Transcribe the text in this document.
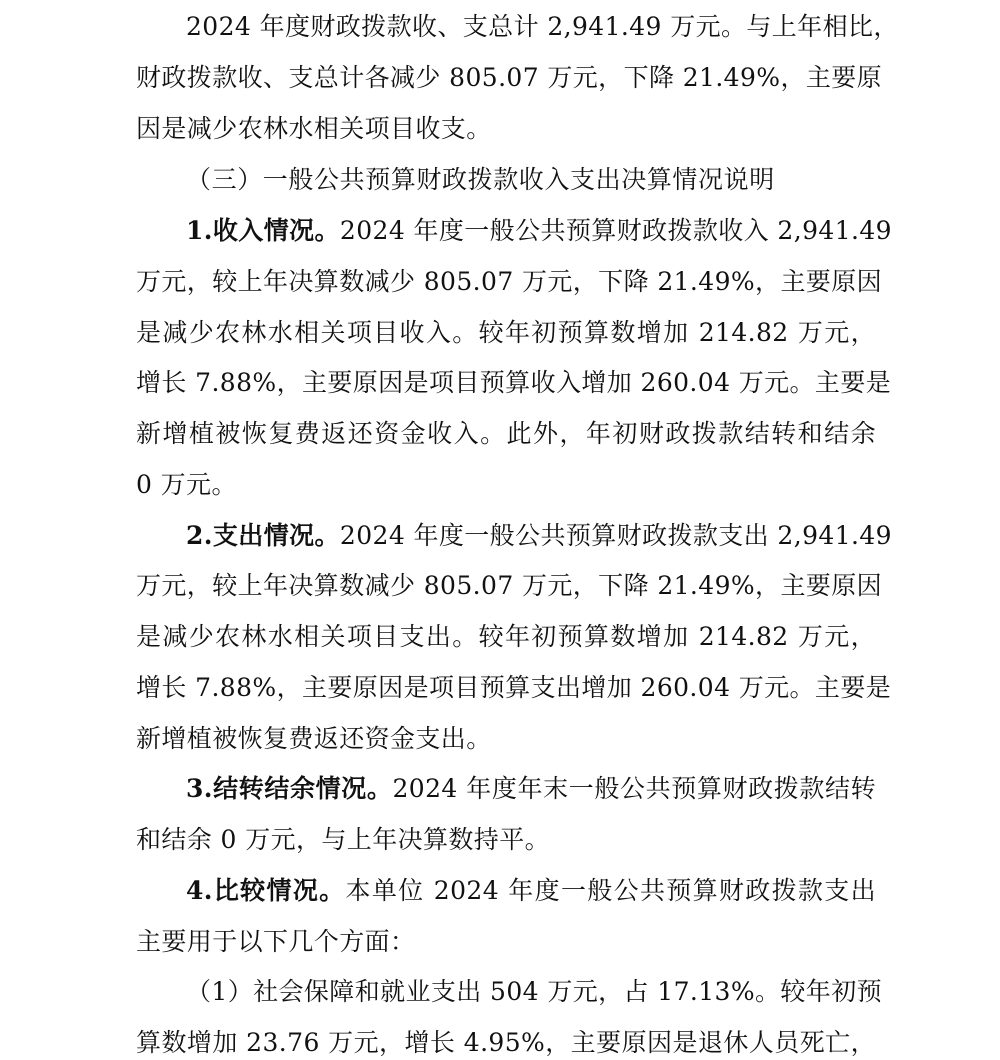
2024 年度财政拨款收、支总计 2,941.49 万元。与上年相比，
财政拨款收、支总计各减少 805.07 万元，下降 21.49%，主要原
因是减少农林水相关项目收支。
（三）一般公共预算财政拨款收入支出决算情况说明
1.收入情况。2024 年度一般公共预算财政拨款收入 2,941.49
万元，较上年决算数减少 805.07 万元，下降 21.49%，主要原因
是减少农林水相关项目收入。较年初预算数增加 214.82 万元，
增长 7.88%，主要原因是项目预算收入增加 260.04 万元。主要是
新增植被恢复费返还资金收入。此外，年初财政拨款结转和结余
0 万元。
2.支出情况。2024 年度一般公共预算财政拨款支出 2,941.49
万元，较上年决算数减少 805.07 万元，下降 21.49%，主要原因
是减少农林水相关项目支出。较年初预算数增加 214.82 万元，
增长 7.88%，主要原因是项目预算支出增加 260.04 万元。主要是
新增植被恢复费返还资金支出。
3.结转结余情况。2024 年度年末一般公共预算财政拨款结转
和结余 0 万元，与上年决算数持平。
4.比较情况。本单位 2024 年度一般公共预算财政拨款支出
主要用于以下几个方面：
（1）社会保障和就业支出 504 万元，占 17.13%。较年初预
算数增加 23.76 万元，增长 4.95%，主要原因是退休人员死亡，
